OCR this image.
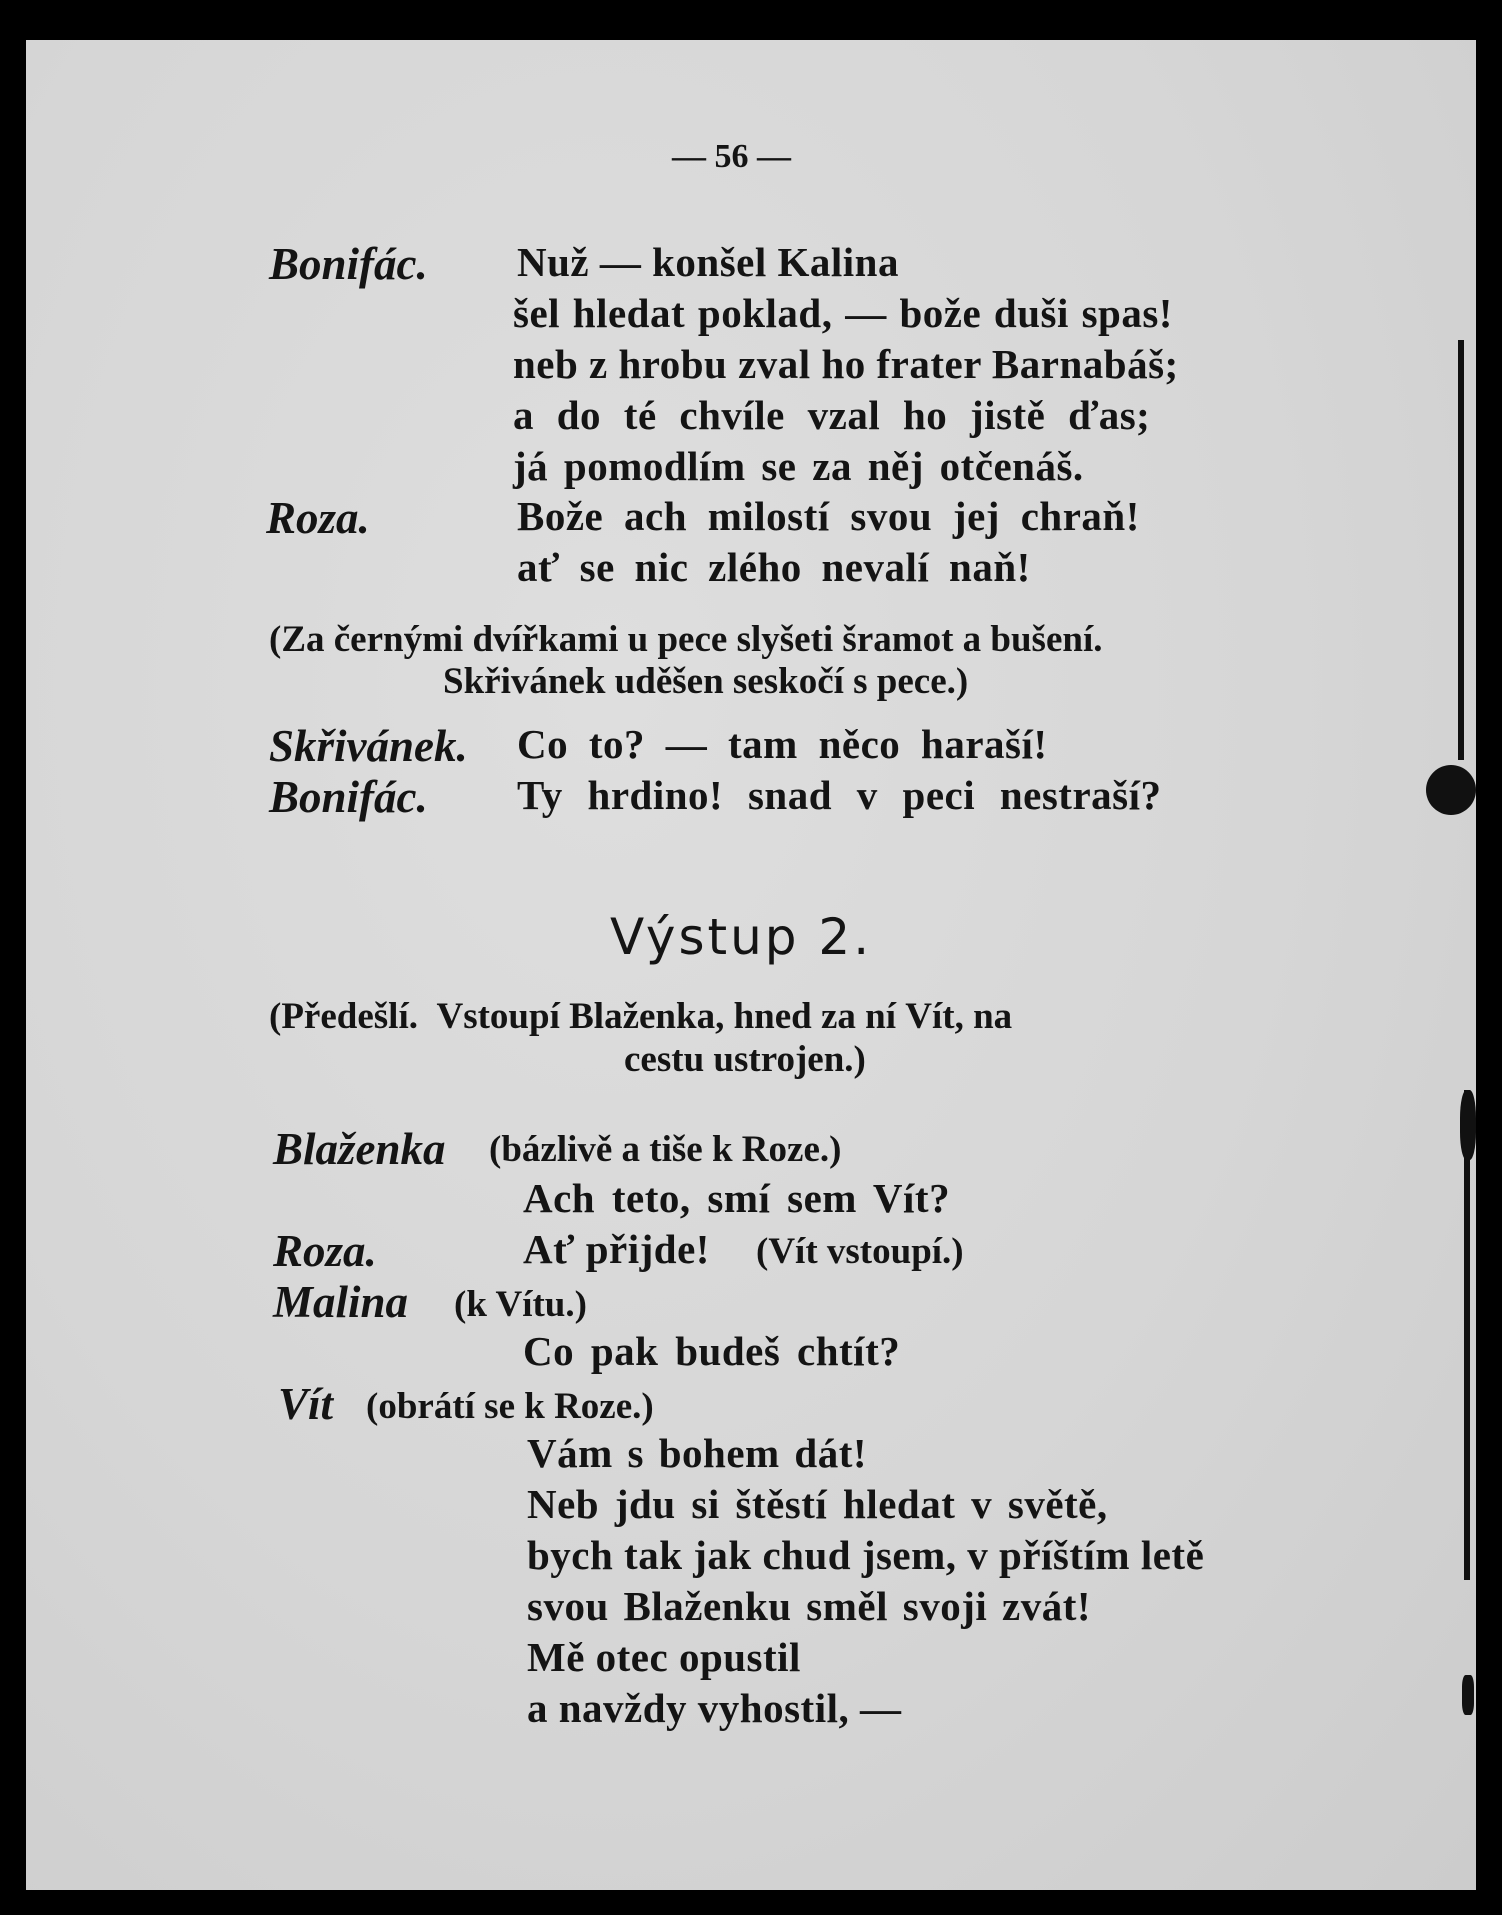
— 56 —
Bonifác. Nuž — konšel Kalina
šel hledat poklad, — bože duši spas!
neb z hrobu zval ho frater Barnabáš;
a do té chvíle vzal ho jistě ďas;
já pomodlím se za něj otčenáš.
Roza.	Bože ach milostí svou jej chraň!
ať se nic zlého nevalí naň!
(Za černými dvířkami u pece slyšeti šramot a bušení.
Skřivánek uděšen seskočí s pece.)
Skřivánek. Co to? — tam něco haraší!
Bonifác. Ty hrdino! snad v peci nestraší?
Výstup 2.
(Předešlí. Vstoupí Blaženka, hned za ní Vít, na
cestu ustrojen.)
Blaženka (bázlivě a tiše k Roze.)
Ach teto, smí sem Vít?
Roza.	Ať přijde! (Vít vstoupí.)
Malina (k Vítu.)
Co pak budeš chtít?
Vít (obrátí se k Roze.)
Vám s bohem dát!
Neb jdu si štěstí hledat v světě,
bych tak jak chud jsem, v příštím letě
svou Blaženku směl svoji zvát!
Mě otec opustil
a navždy vyhostil, —
